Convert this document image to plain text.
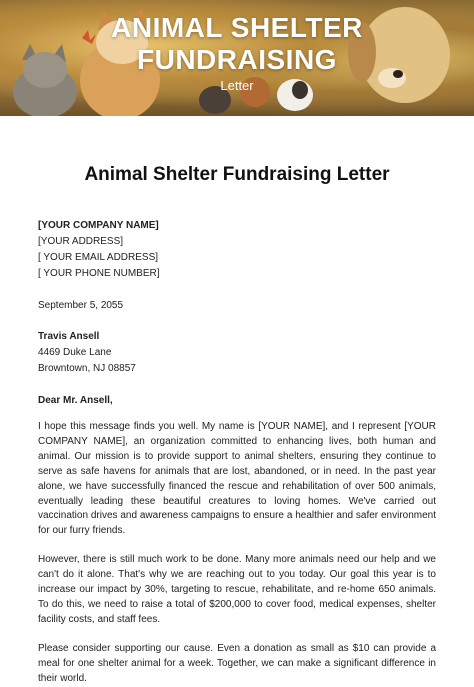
ANIMAL SHELTER
FUNDRAISING
Letter
Animal Shelter Fundraising Letter
[YOUR COMPANY NAME]
[YOUR ADDRESS]
[ YOUR EMAIL ADDRESS]
[ YOUR PHONE NUMBER]
September 5, 2055
Travis Ansell
4469 Duke Lane
Browntown, NJ 08857
Dear Mr. Ansell,
I hope this message finds you well. My name is [YOUR NAME], and I represent [YOUR COMPANY NAME], an organization committed to enhancing lives, both human and animal. Our mission is to provide support to animal shelters, ensuring they continue to serve as safe havens for animals that are lost, abandoned, or in need. In the past year alone, we have successfully financed the rescue and rehabilitation of over 500 animals, eventually leading these beautiful creatures to loving homes. We've carried out vaccination drives and awareness campaigns to ensure a healthier and safer environment for our furry friends.
However, there is still much work to be done. Many more animals need our help and we can't do it alone. That's why we are reaching out to you today. Our goal this year is to increase our impact by 30%, targeting to rescue, rehabilitate, and re-home 650 animals. To do this, we need to raise a total of $200,000 to cover food, medical expenses, shelter facility costs, and staff fees.
Please consider supporting our cause. Even a donation as small as $10 can provide a meal for one shelter animal for a week. Together, we can make a significant difference in their world.
